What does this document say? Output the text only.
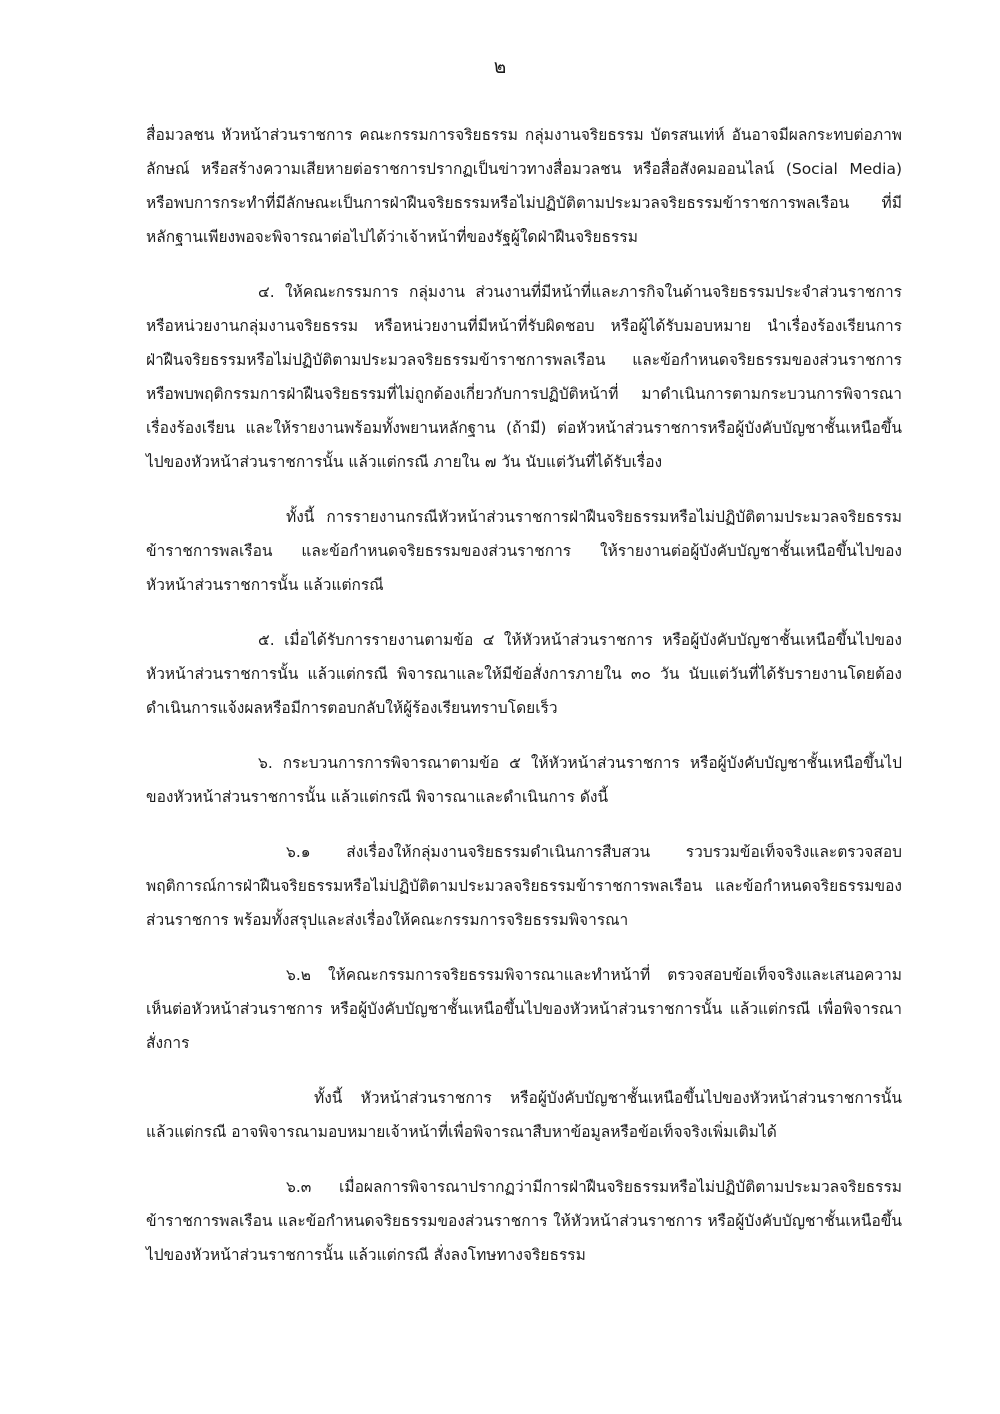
๒

สื่อมวลชน หัวหน้าส่วนราชการ คณะกรรมการจริยธรรม กลุ่มงานจริยธรรม บัตรสนเท่ห์ อันอาจมีผลกระทบต่อภาพลักษณ์ หรือสร้างความเสียหายต่อราชการปรากฏเป็นข่าวทางสื่อมวลชน หรือสื่อสังคมออนไลน์ (Social Media) หรือพบการกระทำที่มีลักษณะเป็นการฝ่าฝืนจริยธรรมหรือไม่ปฏิบัติตามประมวลจริยธรรมข้าราชการพลเรือน ที่มีหลักฐานเพียงพอจะพิจารณาต่อไปได้ว่าเจ้าหน้าที่ของรัฐผู้ใดฝ่าฝืนจริยธรรม

๔. ให้คณะกรรมการ กลุ่มงาน ส่วนงานที่มีหน้าที่และภารกิจในด้านจริยธรรมประจำส่วนราชการหรือหน่วยงานกลุ่มงานจริยธรรม หรือหน่วยงานที่มีหน้าที่รับผิดชอบ หรือผู้ได้รับมอบหมาย นำเรื่องร้องเรียนการฝ่าฝืนจริยธรรมหรือไม่ปฏิบัติตามประมวลจริยธรรมข้าราชการพลเรือน และข้อกำหนดจริยธรรมของส่วนราชการหรือพบพฤติกรรมการฝ่าฝืนจริยธรรมที่ไม่ถูกต้องเกี่ยวกับการปฏิบัติหน้าที่ มาดำเนินการตามกระบวนการพิจารณาเรื่องร้องเรียน และให้รายงานพร้อมทั้งพยานหลักฐาน (ถ้ามี) ต่อหัวหน้าส่วนราชการหรือผู้บังคับบัญชาชั้นเหนือขึ้นไปของหัวหน้าส่วนราชการนั้น แล้วแต่กรณี ภายใน ๗ วัน นับแต่วันที่ได้รับเรื่อง

ทั้งนี้ การรายงานกรณีหัวหน้าส่วนราชการฝ่าฝืนจริยธรรมหรือไม่ปฏิบัติตามประมวลจริยธรรมข้าราชการพลเรือน และข้อกำหนดจริยธรรมของส่วนราชการ ให้รายงานต่อผู้บังคับบัญชาชั้นเหนือขึ้นไปของหัวหน้าส่วนราชการนั้น แล้วแต่กรณี

๕. เมื่อได้รับการรายงานตามข้อ ๔ ให้หัวหน้าส่วนราชการ หรือผู้บังคับบัญชาชั้นเหนือขึ้นไปของหัวหน้าส่วนราชการนั้น แล้วแต่กรณี พิจารณาและให้มีข้อสั่งการภายใน ๓๐ วัน นับแต่วันที่ได้รับรายงานโดยต้องดำเนินการแจ้งผลหรือมีการตอบกลับให้ผู้ร้องเรียนทราบโดยเร็ว

๖. กระบวนการการพิจารณาตามข้อ ๕ ให้หัวหน้าส่วนราชการ หรือผู้บังคับบัญชาชั้นเหนือขึ้นไปของหัวหน้าส่วนราชการนั้น แล้วแต่กรณี พิจารณาและดำเนินการ ดังนี้

๖.๑ ส่งเรื่องให้กลุ่มงานจริยธรรมดำเนินการสืบสวน รวบรวมข้อเท็จจริงและตรวจสอบพฤติการณ์การฝ่าฝืนจริยธรรมหรือไม่ปฏิบัติตามประมวลจริยธรรมข้าราชการพลเรือน และข้อกำหนดจริยธรรมของส่วนราชการ พร้อมทั้งสรุปและส่งเรื่องให้คณะกรรมการจริยธรรมพิจารณา

๖.๒ ให้คณะกรรมการจริยธรรมพิจารณาและทำหน้าที่ ตรวจสอบข้อเท็จจริงและเสนอความเห็นต่อหัวหน้าส่วนราชการ หรือผู้บังคับบัญชาชั้นเหนือขึ้นไปของหัวหน้าส่วนราชการนั้น แล้วแต่กรณี เพื่อพิจารณาสั่งการ

ทั้งนี้ หัวหน้าส่วนราชการ หรือผู้บังคับบัญชาชั้นเหนือขึ้นไปของหัวหน้าส่วนราชการนั้น แล้วแต่กรณี อาจพิจารณามอบหมายเจ้าหน้าที่เพื่อพิจารณาสืบหาข้อมูลหรือข้อเท็จจริงเพิ่มเติมได้

๖.๓ เมื่อผลการพิจารณาปรากฏว่ามีการฝ่าฝืนจริยธรรมหรือไม่ปฏิบัติตามประมวลจริยธรรมข้าราชการพลเรือน และข้อกำหนดจริยธรรมของส่วนราชการ ให้หัวหน้าส่วนราชการ หรือผู้บังคับบัญชาชั้นเหนือขึ้นไปของหัวหน้าส่วนราชการนั้น แล้วแต่กรณี สั่งลงโทษทางจริยธรรม
